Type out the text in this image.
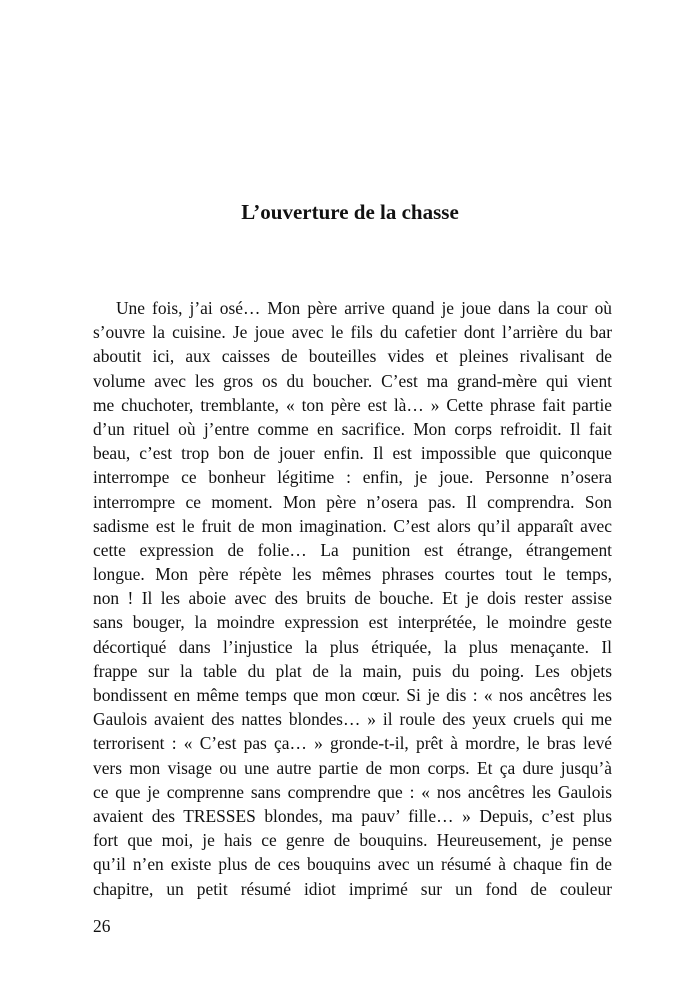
L’ouverture de la chasse
Une fois, j’ai osé… Mon père arrive quand je joue dans la cour où
s’ouvre la cuisine. Je joue avec le fils du cafetier dont l’arrière du bar
aboutit ici, aux caisses de bouteilles vides et pleines rivalisant de
volume avec les gros os du boucher. C’est ma grand-mère qui vient
me chuchoter, tremblante, « ton père est là… » Cette phrase fait partie
d’un rituel où j’entre comme en sacrifice. Mon corps refroidit. Il fait
beau, c’est trop bon de jouer enfin. Il est impossible que quiconque
interrompe ce bonheur légitime : enfin, je joue. Personne n’osera
interrompre ce moment. Mon père n’osera pas. Il comprendra. Son
sadisme est le fruit de mon imagination. C’est alors qu’il apparaît avec
cette expression de folie… La punition est étrange, étrangement
longue. Mon père répète les mêmes phrases courtes tout le temps,
non ! Il les aboie avec des bruits de bouche. Et je dois rester assise
sans bouger, la moindre expression est interprétée, le moindre geste
décortiqué dans l’injustice la plus étriquée, la plus menaçante. Il
frappe sur la table du plat de la main, puis du poing. Les objets
bondissent en même temps que mon cœur. Si je dis : « nos ancêtres les
Gaulois avaient des nattes blondes… » il roule des yeux cruels qui me
terrorisent : « C’est pas ça… » gronde-t-il, prêt à mordre, le bras levé
vers mon visage ou une autre partie de mon corps. Et ça dure jusqu’à
ce que je comprenne sans comprendre que : « nos ancêtres les Gaulois
avaient des TRESSES blondes, ma pauv’ fille… » Depuis, c’est plus
fort que moi, je hais ce genre de bouquins. Heureusement, je pense
qu’il n’en existe plus de ces bouquins avec un résumé à chaque fin de
chapitre, un petit résumé idiot imprimé sur un fond de couleur

26
